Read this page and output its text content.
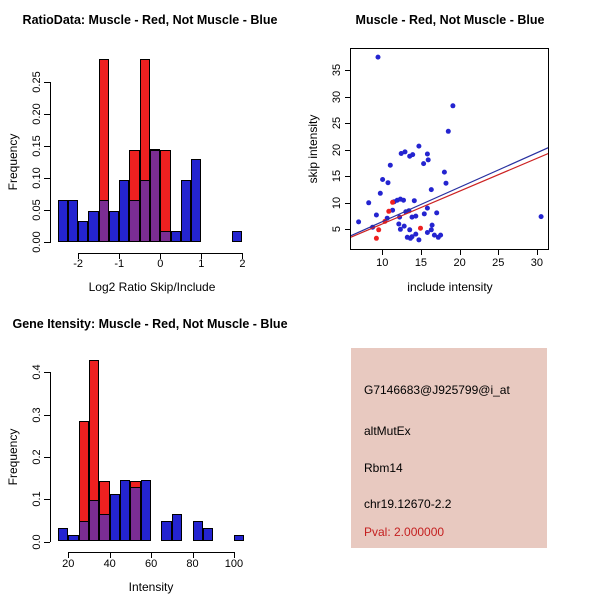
RatioData: Muscle - Red, Not Muscle - Blue
Frequency
Log2 Ratio Skip/Include
Muscle - Red, Not Muscle - Blue
skip intensity
include intensity
Gene Itensity: Muscle - Red, Not Muscle - Blue
Frequency
Intensity
G7146683@J925799@i_at
altMutEx
Rbm14
chr19.12670-2.2
Pval: 2.000000
0.00
0.05
0.10
0.15
0.20
0.25
-2	-1	0	1	2
0.0
0.1
0.2
0.3
0.4
20	40	60	80 100
10 15 20 25 30
5
10
15
20
25
30
35
